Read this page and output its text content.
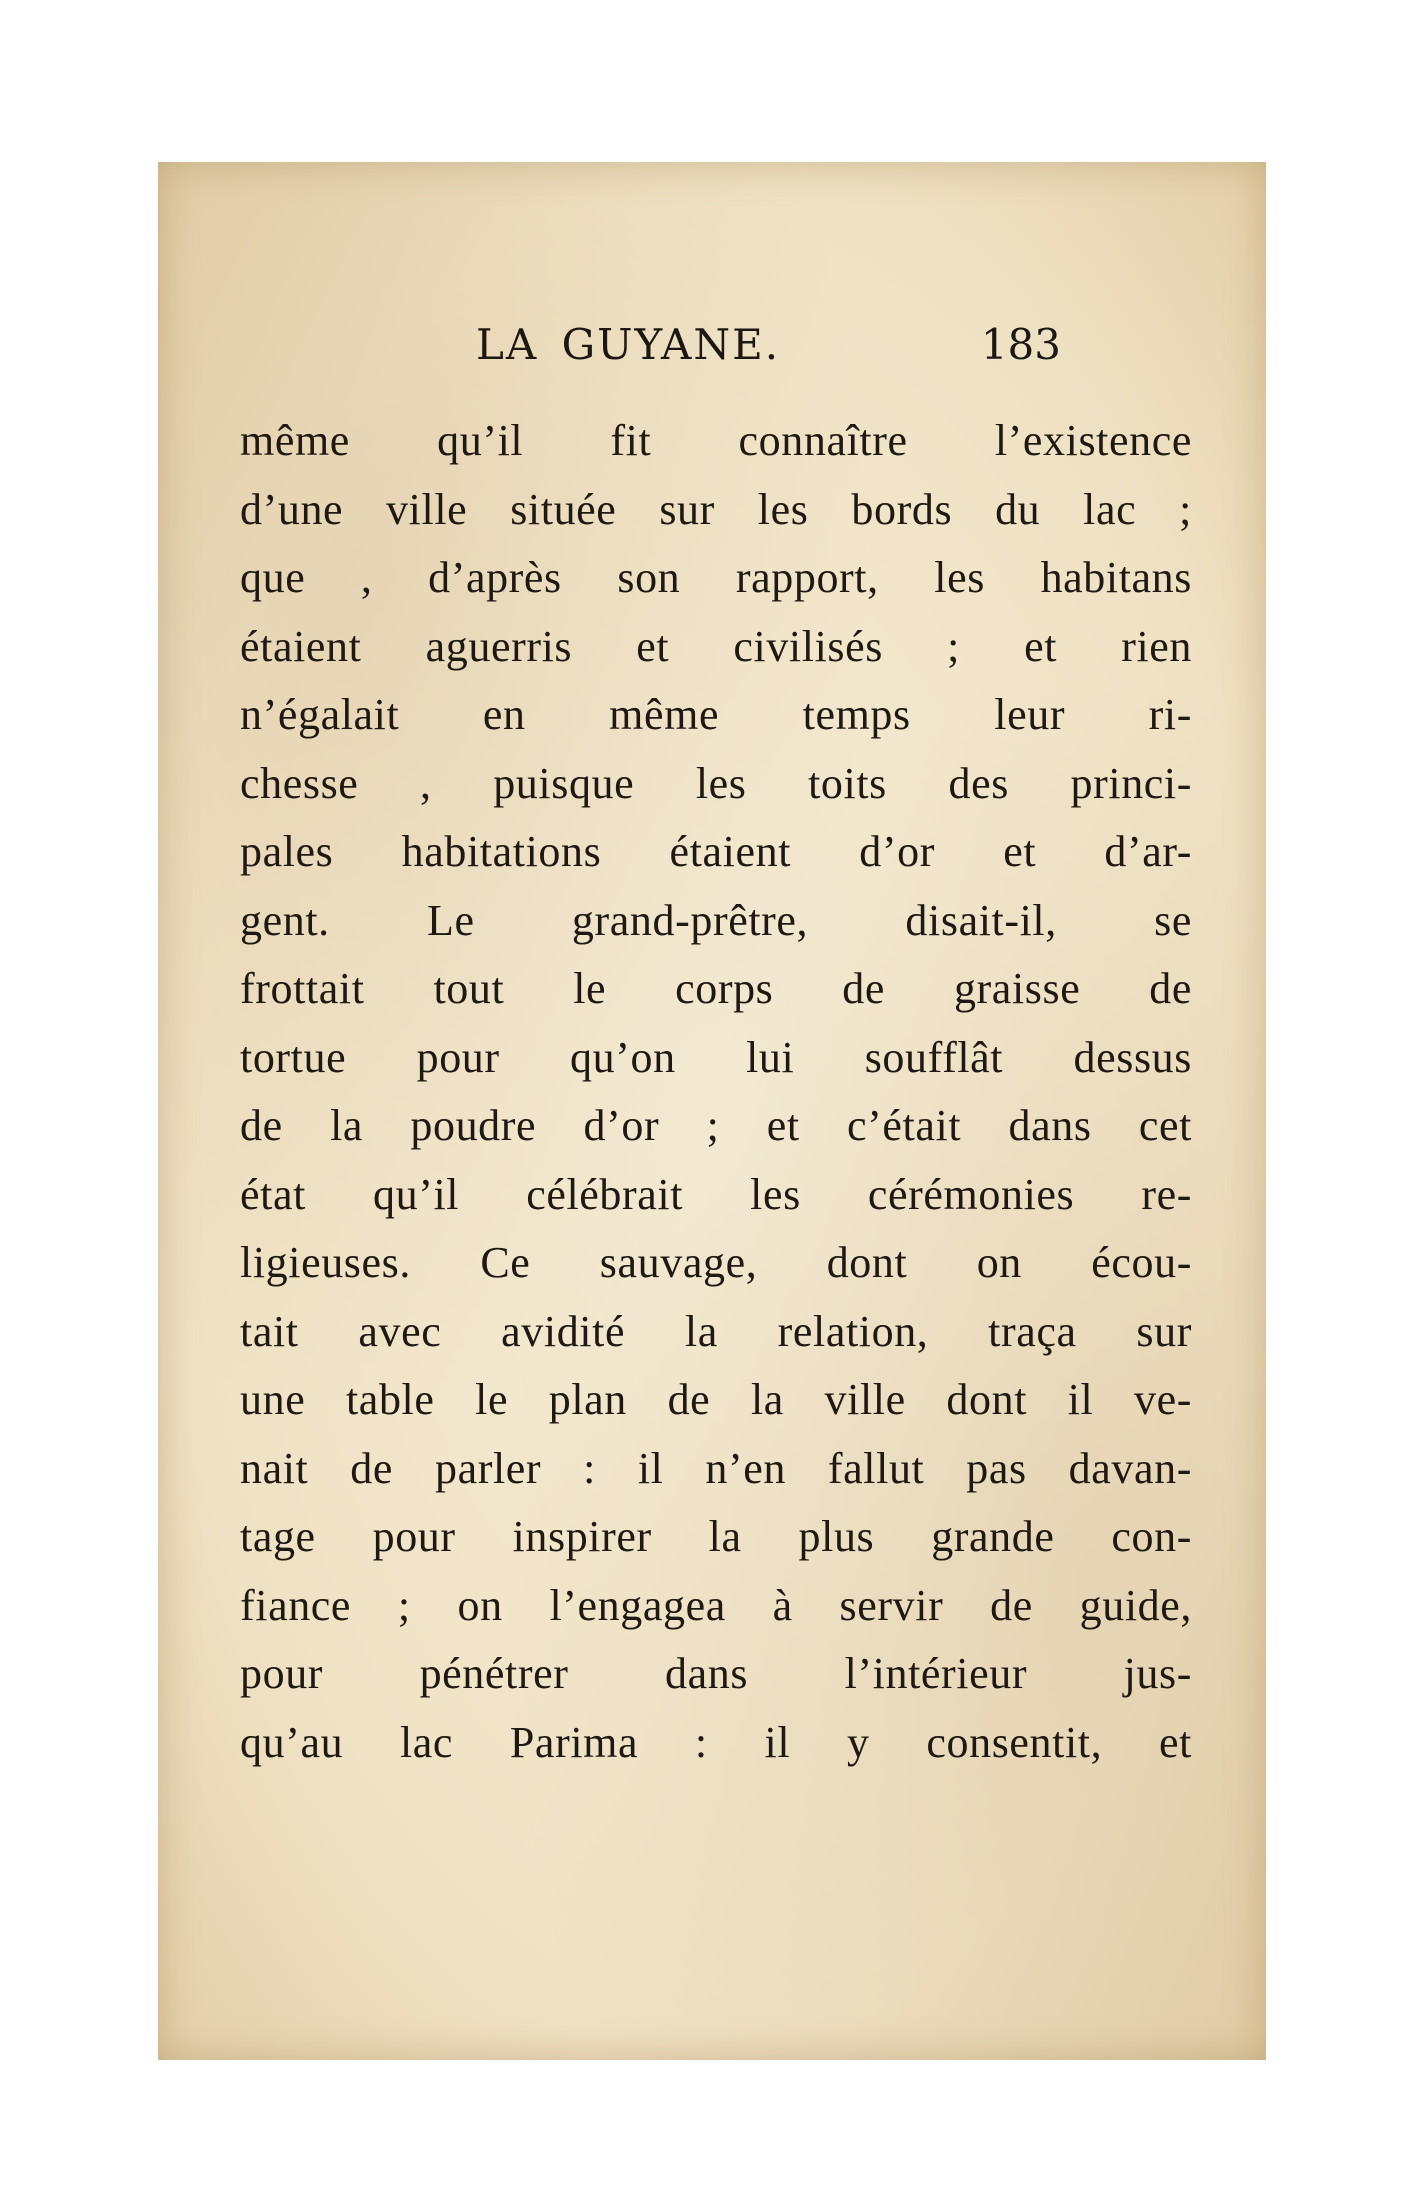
LA GUYANE.	183
même qu’il fit connaître l’existence
d’une ville située sur les bords du lac ;
que , d’après son rapport, les habitans
étaient aguerris et civilisés ; et rien
n’égalait en même temps leur ri-
chesse , puisque les toits des princi-
pales habitations étaient d’or et d’ar-
gent. Le grand-prêtre, disait-il, se
frottait tout le corps de graisse de
tortue pour qu’on lui soufflât dessus
de la poudre d’or ; et c’était dans cet
état qu’il célébrait les cérémonies re-
ligieuses. Ce sauvage, dont on écou-
tait avec avidité la relation, traça sur
une table le plan de la ville dont il ve-
nait de parler : il n’en fallut pas davan-
tage pour inspirer la plus grande con-
fiance ; on l’engagea à servir de guide,
pour pénétrer dans l’intérieur jus-
qu’au lac Parima : il y consentit, et
